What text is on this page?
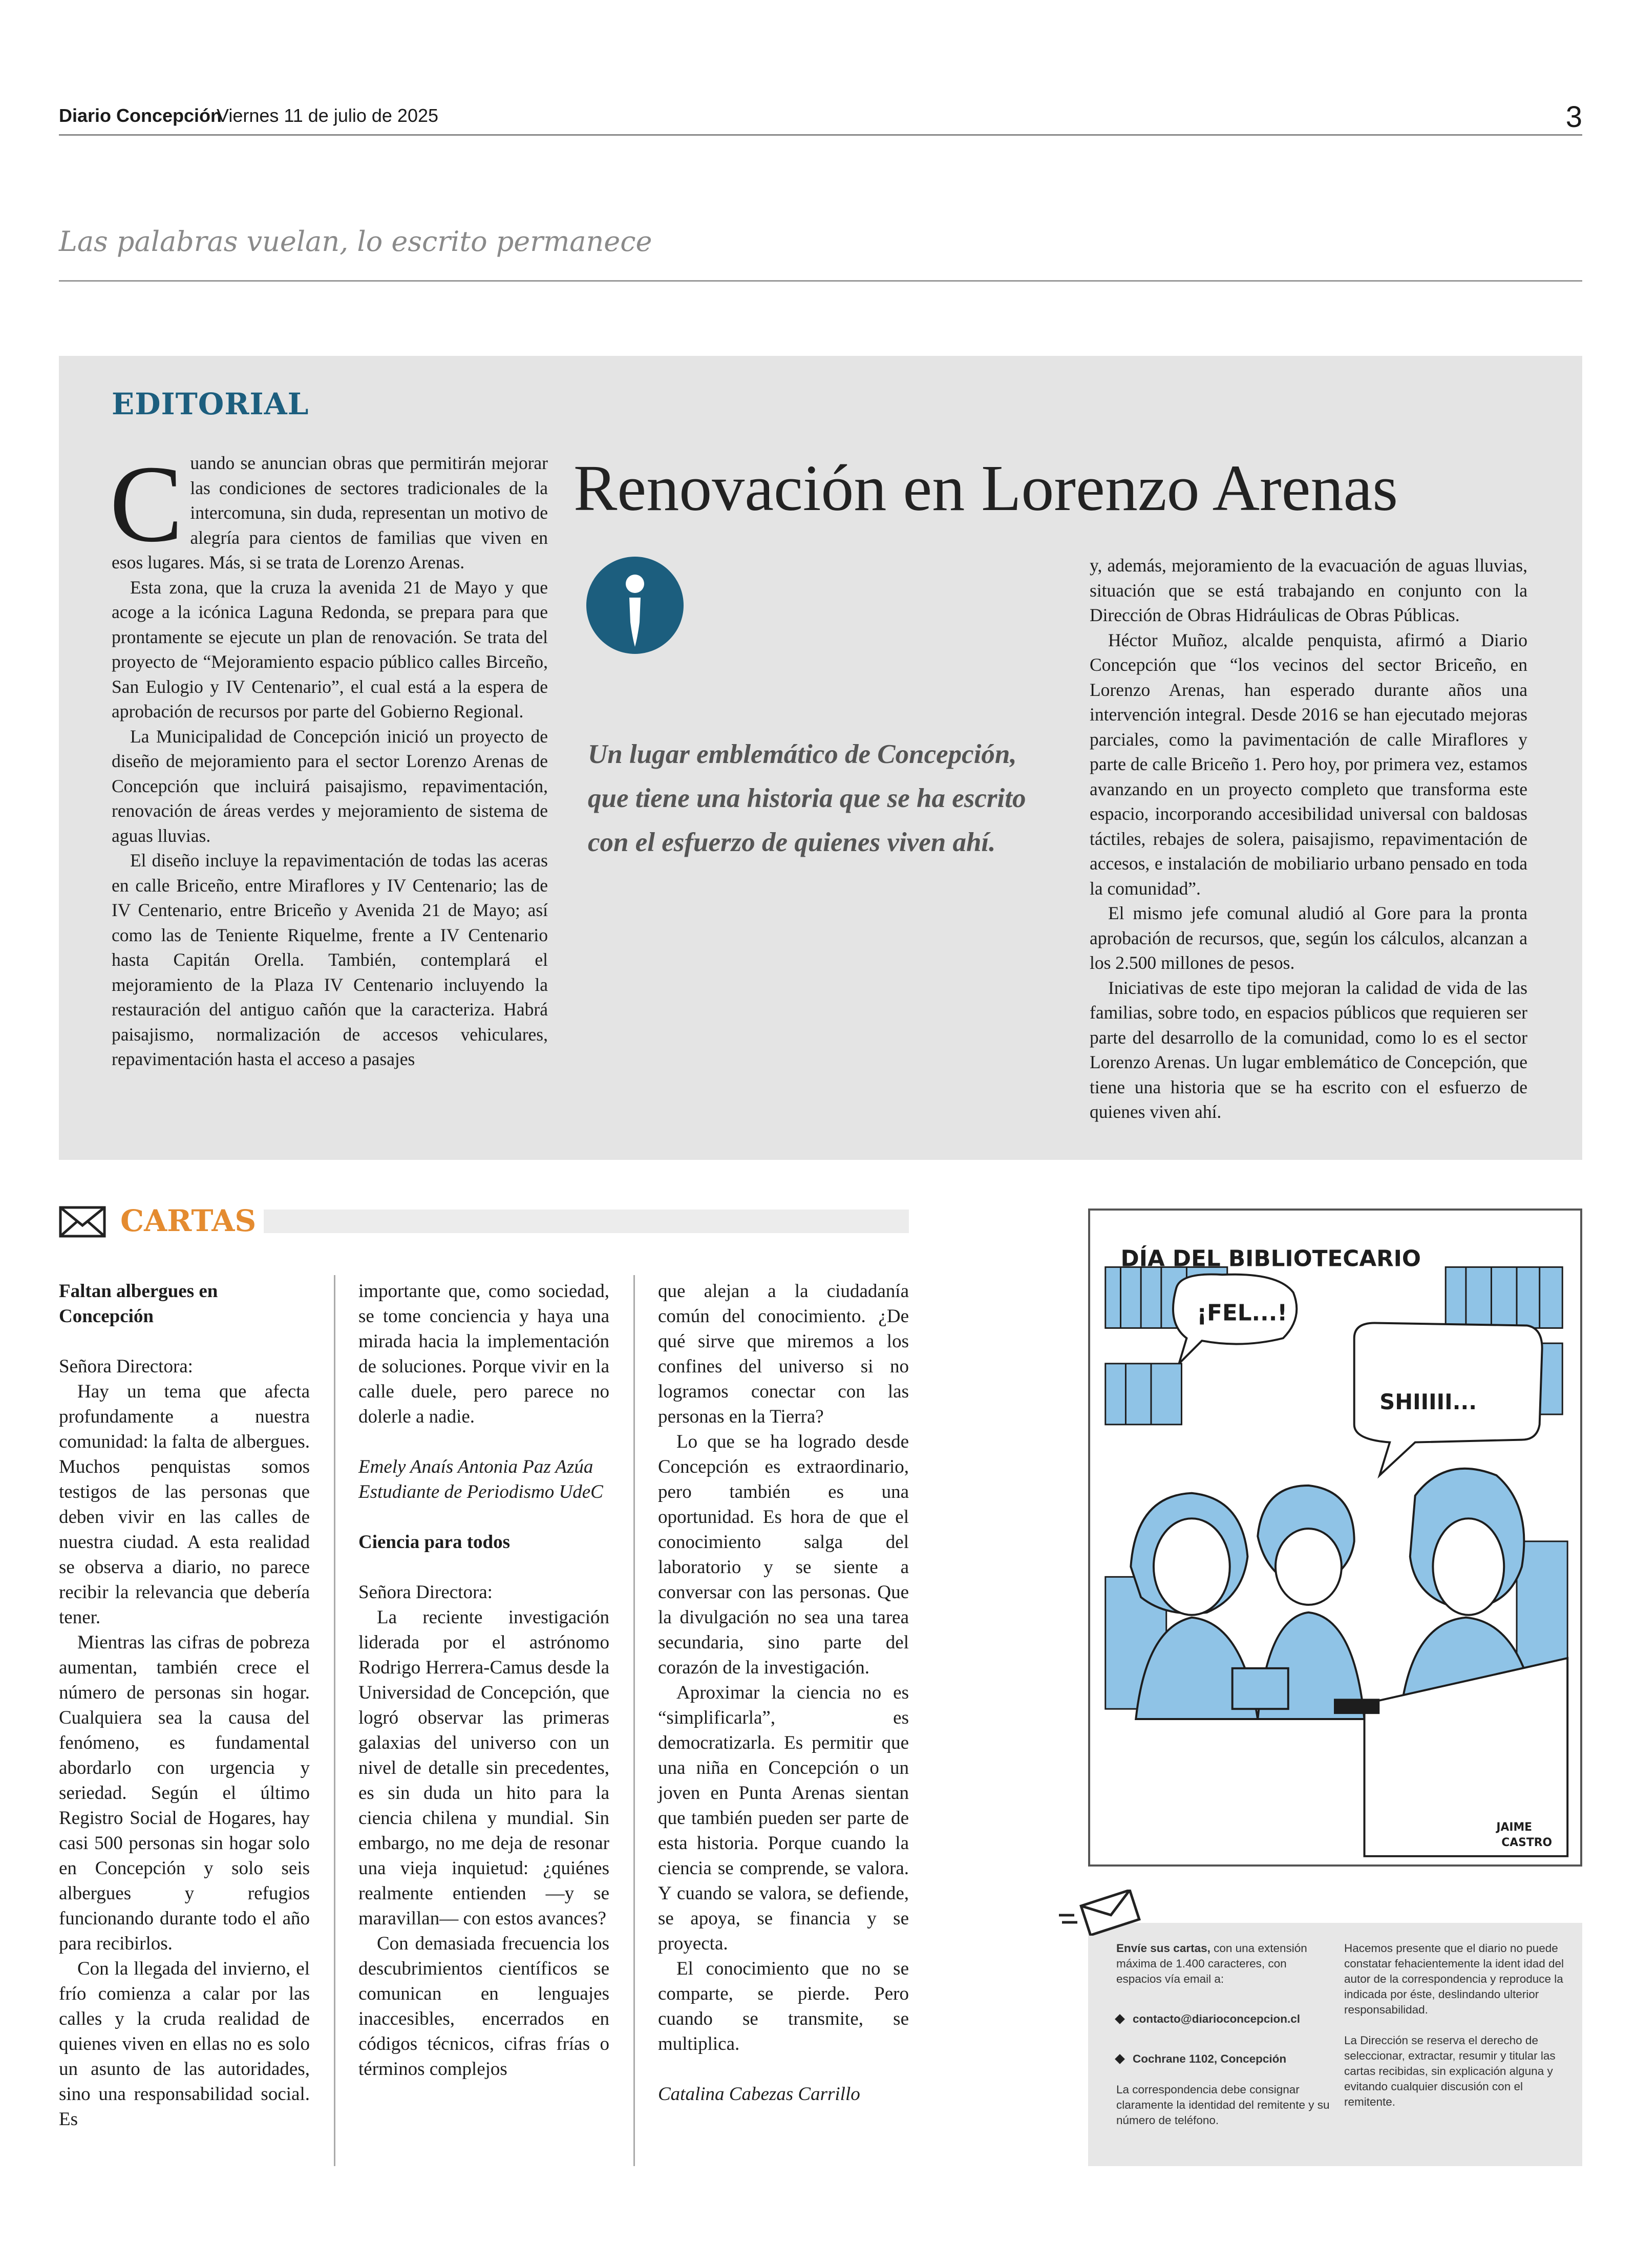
Diario Concepción
Viernes 11 de julio de 2025	3
Las palabras vuelan, lo escrito permanece
EDITORIAL
C uando se anuncian obras que permitirán mejorar las condiciones de sectores tradicionales de la intercomuna, sin duda, representan un motivo de alegría para cientos de familias que viven en esos lugares. Más, si se trata de Lorenzo Arenas.

Esta zona, que la cruza la avenida 21 de Mayo y que acoge a la icónica Laguna Redonda, se prepara para que prontamente se ejecute un plan de renovación. Se trata del proyecto de “Mejoramiento espacio público calles Birceño, San Eulogio y IV Centenario”, el cual está a la espera de aprobación de recursos por parte del Gobierno Regional.

La Municipalidad de Concepción inició un proyecto de diseño de mejoramiento para el sector Lorenzo Arenas de Concepción que incluirá paisajismo, repavimentación, renovación de áreas verdes y mejoramiento de sistema de aguas lluvias.

El diseño incluye la repavimentación de todas las aceras en calle Briceño, entre Miraflores y IV Centenario; las de IV Centenario, entre Briceño y Avenida 21 de Mayo; así como las de Teniente Riquelme, frente a IV Centenario hasta Capitán Orella. También, contemplará el mejoramiento de la Plaza IV Centenario incluyendo la restauración del antiguo cañón que la caracteriza. Habrá paisajismo, normalización de accesos vehiculares, repavimentación hasta el acceso a pasajes

Renovación en Lorenzo Arenas
Un lugar emblemático de Concepción, que tiene una historia que se ha escrito con el esfuerzo de quienes viven ahí.

y, además, mejoramiento de la evacuación de aguas lluvias, situación que se está trabajando en conjunto con la Dirección de Obras Hidráulicas de Obras Públicas.

Héctor Muñoz, alcalde penquista, afirmó a Diario Concepción que “los vecinos del sector Briceño, en Lorenzo Arenas, han esperado durante años una intervención integral. Desde 2016 se han ejecutado mejoras parciales, como la pavimentación de calle Miraflores y parte de calle Briceño 1. Pero hoy, por primera vez, estamos avanzando en un proyecto completo que transforma este espacio, incorporando accesibilidad universal con baldosas táctiles, rebajes de solera, paisajismo, repavimentación de accesos, e instalación de mobiliario urbano pensado en toda la comunidad”.

El mismo jefe comunal aludió al Gore para la pronta aprobación de recursos, que, según los cálculos, alcanzan a los 2.500 millones de pesos.

Iniciativas de este tipo mejoran la calidad de vida de las familias, sobre todo, en espacios públicos que requieren ser parte del desarrollo de la comunidad, como lo es el sector Lorenzo Arenas. Un lugar emblemático de Concepción, que tiene una historia que se ha escrito con el esfuerzo de quienes viven ahí.

CARTAS

Faltan albergues en Concepción

Señora Directora:

Hay un tema que afecta profundamente a nuestra comunidad: la falta de albergues. Muchos penquistas somos testigos de las personas que deben vivir en las calles de nuestra ciudad. A esta realidad se observa a diario, no parece recibir la relevancia que debería tener.

Mientras las cifras de pobreza aumentan, también crece el número de personas sin hogar. Cualquiera sea la causa del fenómeno, es fundamental abordarlo con urgencia y seriedad. Según el último Registro Social de Hogares, hay casi 500 personas sin hogar solo en Concepción y solo seis albergues y refugios funcionando durante todo el año para recibirlos.

Con la llegada del invierno, el frío comienza a calar por las calles y la cruda realidad de quienes viven en ellas no es solo un asunto de las autoridades, sino una responsabilidad social. Es

importante que, como sociedad, se tome conciencia y haya una mirada hacia la implementación de soluciones. Porque vivir en la calle duele, pero parece no dolerle a nadie.

Emely Anaís Antonia Paz Azúa

Estudiante de Periodismo UdeC

Ciencia para todos

Señora Directora:

La reciente investigación liderada por el astrónomo Rodrigo Herrera-Camus desde la Universidad de Concepción, que logró observar las primeras galaxias del universo con un nivel de detalle sin precedentes, es sin duda un hito para la ciencia chilena y mundial. Sin embargo, no me deja de resonar una vieja inquietud: ¿quiénes realmente entienden —y se maravillan— con estos avances?

Con demasiada frecuencia los descubrimientos científicos se comunican en lenguajes inaccesibles, encerrados en códigos técnicos, cifras frías o términos complejos

que alejan a la ciudadanía común del conocimiento. ¿De qué sirve que miremos a los confines del universo si no logramos conectar con las personas en la Tierra?

Lo que se ha logrado desde Concepción es extraordinario, pero también es una oportunidad. Es hora de que el conocimiento salga del laboratorio y se siente a conversar con las personas. Que la divulgación no sea una tarea secundaria, sino parte del corazón de la investigación.

Aproximar la ciencia no es “simplificarla”, es democratizarla. Es permitir que una niña en Concepción o un joven en Punta Arenas sientan que también pueden ser parte de esta historia. Porque cuando la ciencia se comprende, se valora. Y cuando se valora, se defiende, se apoya, se financia y se proyecta.

El conocimiento que no se comparte, se pierde. Pero cuando se transmite, se multiplica.

Catalina Cabezas Carrillo

DÍA DEL BIBLIOTECARIO
¡FEL...!
SHIIIII...
JAIME
CASTRO

Envíe sus cartas, con una extensión máxima de 1.400 caracteres, con espacios vía email a:

contacto@diarioconcepcion.cl
Cochrane 1102, Concepción

La correspondencia debe consignar claramente la identidad del remitente y su número de teléfono.

Hacemos presente que el diario no puede constatar fehacientemente la ident idad del autor de la correspondencia y reproduce la indicada por éste, deslindando ulterior responsabilidad.

La Dirección se reserva el derecho de seleccionar, extractar, resumir y titular las cartas recibidas, sin explicación alguna y evitando cualquier discusión con el remitente.
